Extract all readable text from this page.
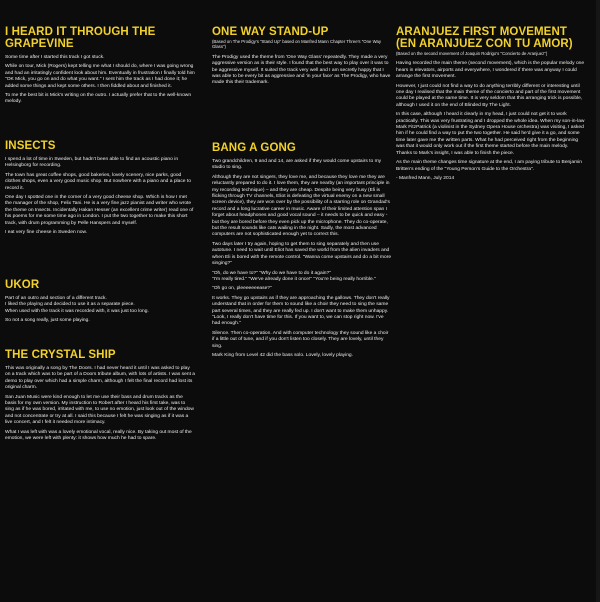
I HEARD IT THROUGH THE GRAPEVINE
Some time after I started this track I got stuck.
While on tour, Mick (Rogers) kept telling me what I should do, where I was going wrong and had an irritatingly confident look about him. Eventually in frustration I finally told him "OK Mick, you go on and do what you want." I sent him the track as I had done it; he added some things and kept some others. I then fiddled about and finished it.
To me the best bit is Mick's writing on the outro. I actually prefer that to the well-known melody.
INSECTS
I spend a lot of time in Sweden, but hadn't been able to find an acoustic piano in Helsingborg for recording.
The town has great coffee shops, good bakeries, lovely scenery, nice parks, good clothes shops, even a very good music shop. But nowhere with a piano and a place to record it.
One day I spotted one in the corner of a very good cheese shop. Which is how I met the manager of the shop, Felix Tani. He is a very fine jazz pianist and writer who wrote the theme on Insects. Incidentally Hakan Hesser (an excellent crime writer) read one of his poems for me some time ago in London. I put the two together to make this short track, with drum programming by Pelle Hanspers and myself.
I eat very fine cheese in Sweden now.
UKOR
Part of an outro and section of a different track.
I liked the playing and decided to use it as a separate piece.
When used with the track it was recorded with, it was just too long.
So not a song really, just some playing.
THE CRYSTAL SHIP
This was originally a song by The Doors. I had never heard it until I was asked to play on a track which was to be part of a Doors tribute album, with lots of artists. I was sent a demo to play over which had a simple charm, although I felt the final record had lost its original charm.
San Juan Music were kind enough to let me use their bass and drum tracks as the basis for my own version. My instruction to Robert after I heard his first take, was to sing as if he was bored, irritated with me, to use no emotion, just look out of the window and not concentrate or try at all. I said this because I felt he was singing as if it was a live concert, and I felt it needed more intimacy.
What I was left with was a lovely emotional vocal, really nice. By taking out most of the emotion, we were left with plenty: it shows how much he had to spare.
ONE WAY STAND-UP
(Based on The Prodigy's "Stand Up" based on Manfred Mann Chapter Three's "One Way Glass")
The Prodigy used the theme from 'One Way Glass' repeatedly. They made a very aggressive version as is their style. I found that the best way to play over it was to be aggressive myself. It suited the track very well and I am secretly happy that I was able to be every bit as aggressive and 'in your face' as The Prodigy, who have made this their trademark.
BANG A GONG
Two grandchildren, 9 and and 14, are asked if they would come upstairs to my studio to sing.
Although they are not singers, they love me, and because they love me they are reluctantly prepared to do it. I love them, they are nearby (an important principle in my recording technique) – and they are cheap. Despite being very busy (Eli is flicking through TV channels, Eliot is defeating the virtual enemy on a new small screen device), they are won over by the possibility of a starring role on Grandad's record and a long lucrative career in music. Aware of their limited attention span I forget about headphones and good vocal sound – it needs to be quick and easy - but they are bored before they even pick up the microphone. They do co-operate, but the result sounds like cats wailing in the night. Sadly, the most advanced computers are not sophisticated enough yet to correct this.
Two days later I try again, hoping to get them to sing separately and then use autotune. I need to wait until Eliot has saved the world from the alien invaders and when Eli is bored with the remote control. "Wanna come upstairs and do a bit more singing?"
"Oh, do we have to?" "Why do we have to do it again?"
"I'm really tired." "We've already done it once!" "You're being really horrible."
"Oh go on, pleeeeeeease?"
It works. They go upstairs as if they are approaching the gallows. They don't really understand that in order for them to sound like a choir they need to sing the same part several times, and they are really fed up. I don't want to make them unhappy. "Look, I really don't have time for this. If you want to, we can stop right now. I've had enough."
Silence. Then co-operation. And with computer technology they sound like a choir if a little out of tune, and if you don't listen too closely. They are lovely, until they sing.
Mark King from Level 42 did the bass solo. Lovely, lovely playing.
ARANJUEZ FIRST MOVEMENT (EN ARANJUEZ CON TU AMOR)
(Based on the second movement of Joaquin Rodrigo's "Concierto de Aranjuez")
Having recorded the main theme (second movement), which is the popular melody one hears in elevators, airports and everywhere, I wondered if there was anyway I could arrange the first movement.
However, I just could not find a way to do anything terribly different or interesting until one day I realised that the main theme of the concierto and part of the first movement could be played at the same time. It is very seldom that this arranging trick is possible, although I used it on the end of Blinded By The Light.
In this case, although I heard it clearly in my head, I just could not get it to work practically. This was very frustrating and I dropped the whole idea. When my son-in-law Mark FitzPatrick (a violinist in the Sydney Opera House orchestra) was visiting, I asked him if he could find a way to put the two together. He said he'd give it a go, and some time later gave me the written parts. What he had perceived right from the beginning was that it would only work out if the first theme started before the main melody.
Thanks to Mark's insight, I was able to finish the piece.
As the main theme changes time signature at the end, I am paying tribute to Benjamin Britten's ending of the "Young Person's Guide to the Orchestra".
- Manfred Mann, July 2014
